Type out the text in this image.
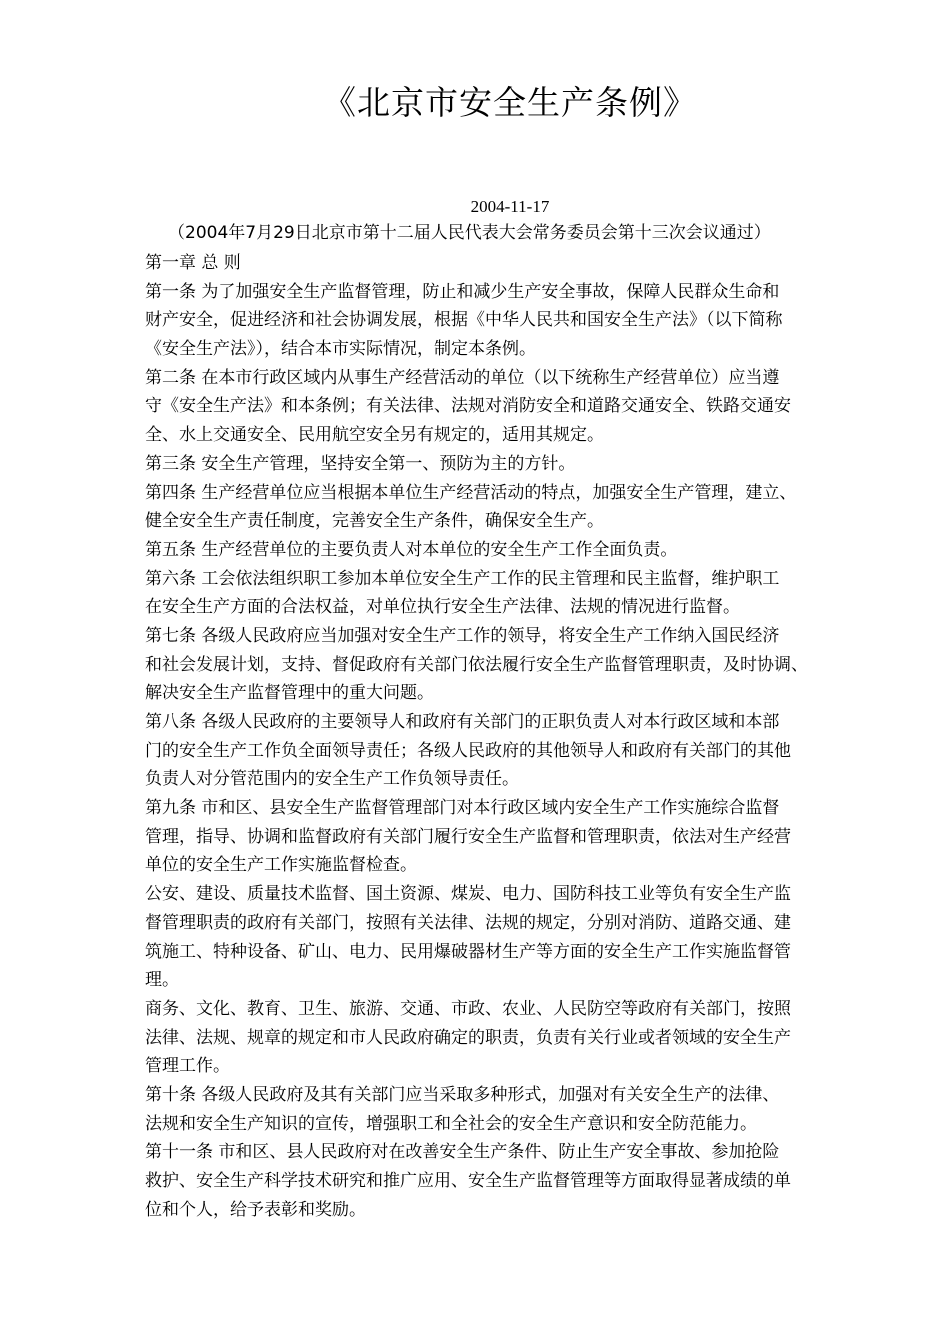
《北京市安全生产条例》
2004-11-17
（2004年7月29日北京市第十二届人民代表大会常务委员会第十三次会议通过）
第一章 总 则
第一条 为了加强安全生产监督管理，防止和减少生产安全事故，保障人民群众生命和
财产安全，促进经济和社会协调发展，根据《中华人民共和国安全生产法》（以下简称
《安全生产法》），结合本市实际情况，制定本条例。
第二条 在本市行政区域内从事生产经营活动的单位（以下统称生产经营单位）应当遵
守《安全生产法》和本条例；有关法律、法规对消防安全和道路交通安全、铁路交通安
全、水上交通安全、民用航空安全另有规定的，适用其规定。
第三条 安全生产管理，坚持安全第一、预防为主的方针。
第四条 生产经营单位应当根据本单位生产经营活动的特点，加强安全生产管理，建立、
健全安全生产责任制度，完善安全生产条件，确保安全生产。
第五条 生产经营单位的主要负责人对本单位的安全生产工作全面负责。
第六条 工会依法组织职工参加本单位安全生产工作的民主管理和民主监督，维护职工
在安全生产方面的合法权益，对单位执行安全生产法律、法规的情况进行监督。
第七条 各级人民政府应当加强对安全生产工作的领导，将安全生产工作纳入国民经济
和社会发展计划，支持、督促政府有关部门依法履行安全生产监督管理职责，及时协调、
解决安全生产监督管理中的重大问题。
第八条 各级人民政府的主要领导人和政府有关部门的正职负责人对本行政区域和本部
门的安全生产工作负全面领导责任；各级人民政府的其他领导人和政府有关部门的其他
负责人对分管范围内的安全生产工作负领导责任。
第九条 市和区、县安全生产监督管理部门对本行政区域内安全生产工作实施综合监督
管理，指导、协调和监督政府有关部门履行安全生产监督和管理职责，依法对生产经营
单位的安全生产工作实施监督检查。
公安、建设、质量技术监督、国土资源、煤炭、电力、国防科技工业等负有安全生产监
督管理职责的政府有关部门，按照有关法律、法规的规定，分别对消防、道路交通、建
筑施工、特种设备、矿山、电力、民用爆破器材生产等方面的安全生产工作实施监督管
理。
商务、文化、教育、卫生、旅游、交通、市政、农业、人民防空等政府有关部门，按照
法律、法规、规章的规定和市人民政府确定的职责，负责有关行业或者领域的安全生产
管理工作。
第十条 各级人民政府及其有关部门应当采取多种形式，加强对有关安全生产的法律、
法规和安全生产知识的宣传，增强职工和全社会的安全生产意识和安全防范能力。
第十一条 市和区、县人民政府对在改善安全生产条件、防止生产安全事故、参加抢险
救护、安全生产科学技术研究和推广应用、安全生产监督管理等方面取得显著成绩的单
位和个人，给予表彰和奖励。
